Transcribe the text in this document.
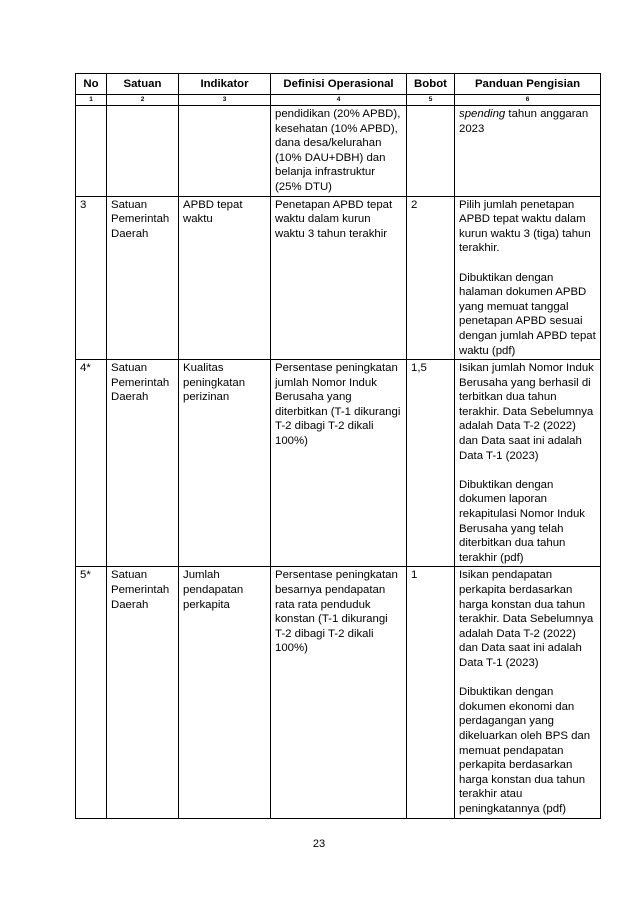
No	Satuan	Indikator	Definisi Operasional	Bobot	Panduan Pengisian
1	2	3	4	5	6
			pendidikan (20% APBD), kesehatan (10% APBD), dana desa/kelurahan (10% DAU+DBH) dan belanja infrastruktur (25% DTU)		spending tahun anggaran 2023
3	Satuan Pemerintah Daerah	APBD tepat waktu	Penetapan APBD tepat waktu dalam kurun waktu 3 tahun terakhir	2	Pilih jumlah penetapan APBD tepat waktu dalam kurun waktu 3 (tiga) tahun terakhir.
Dibuktikan dengan halaman dokumen APBD yang memuat tanggal penetapan APBD sesuai dengan jumlah APBD tepat waktu (pdf)

4*	Satuan Pemerintah Daerah	Kualitas peningkatan perizinan	Persentase peningkatan jumlah Nomor Induk Berusaha yang diterbitkan (T-1 dikurangi T-2 dibagi T-2 dikali 100%)	1,5	Isikan jumlah Nomor Induk Berusaha yang berhasil di terbitkan dua tahun terakhir. Data Sebelumnya adalah Data T-2 (2022) dan Data saat ini adalah Data T-1 (2023)
Dibuktikan dengan dokumen laporan rekapitulasi Nomor Induk Berusaha yang telah diterbitkan dua tahun terakhir (pdf)

5*	Satuan Pemerintah Daerah	Jumlah pendapatan perkapita	Persentase peningkatan besarnya pendapatan rata rata penduduk konstan (T-1 dikurangi
T-2 dibagi T-2 dikali 100%)	1	Isikan pendapatan perkapita berdasarkan harga konstan dua tahun terakhir. Data Sebelumnya adalah Data T-2 (2022) dan Data saat ini adalah Data T-1 (2023)
Dibuktikan dengan dokumen ekonomi dan perdagangan yang dikeluarkan oleh BPS dan memuat pendapatan perkapita berdasarkan harga konstan dua tahun terakhir atau peningkatannya (pdf)
23
